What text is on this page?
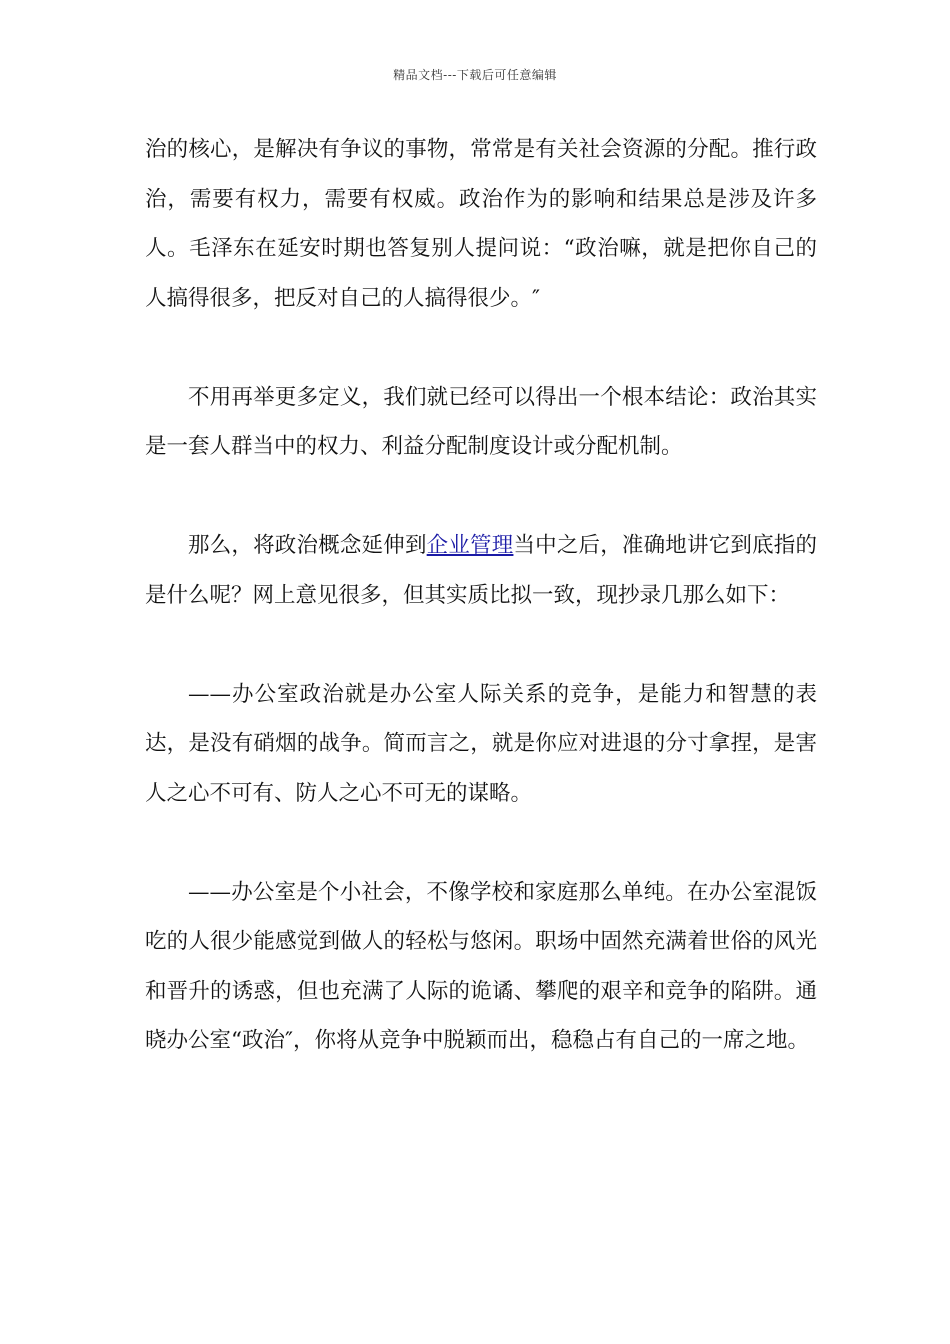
精品文档---下载后可任意编辑

治的核心，是解决有争议的事物，常常是有关社会资源的分配。推行政治，需要有权力，需要有权威。政治作为的影响和结果总是涉及许多人。毛泽东在延安时期也答复别人提问说：“政治嘛，就是把你自己的人搞得很多，把反对自己的人搞得很少。″

不用再举更多定义，我们就已经可以得出一个根本结论：政治其实是一套人群当中的权力、利益分配制度设计或分配机制。

那么，将政治概念延伸到企业管理当中之后，准确地讲它到底指的是什么呢？网上意见很多，但其实质比拟一致，现抄录几那么如下：

——办公室政治就是办公室人际关系的竞争，是能力和智慧的表达，是没有硝烟的战争。简而言之，就是你应对进退的分寸拿捏，是害人之心不可有、防人之心不可无的谋略。

——办公室是个小社会，不像学校和家庭那么单纯。在办公室混饭吃的人很少能感觉到做人的轻松与悠闲。职场中固然充满着世俗的风光和晋升的诱惑，但也充满了人际的诡谲、攀爬的艰辛和竞争的陷阱。通晓办公室“政治″，你将从竞争中脱颖而出，稳稳占有自己的一席之地。
